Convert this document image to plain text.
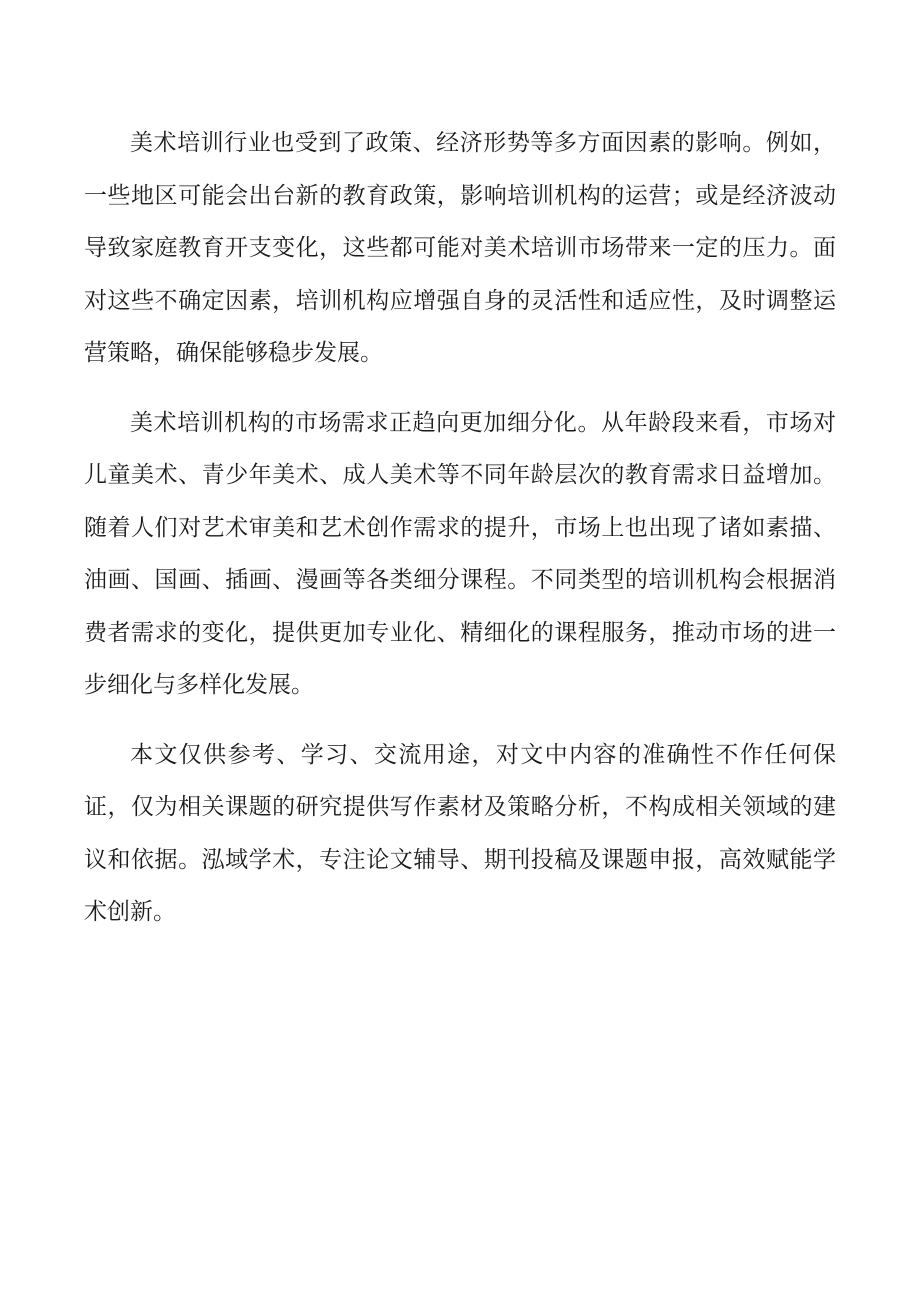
美术培训行业也受到了政策、经济形势等多方面因素的影响。例如，一些地区可能会出台新的教育政策，影响培训机构的运营；或是经济波动导致家庭教育开支变化，这些都可能对美术培训市场带来一定的压力。面对这些不确定因素，培训机构应增强自身的灵活性和适应性，及时调整运营策略，确保能够稳步发展。

美术培训机构的市场需求正趋向更加细分化。从年龄段来看，市场对儿童美术、青少年美术、成人美术等不同年龄层次的教育需求日益增加。随着人们对艺术审美和艺术创作需求的提升，市场上也出现了诸如素描、油画、国画、插画、漫画等各类细分课程。不同类型的培训机构会根据消费者需求的变化，提供更加专业化、精细化的课程服务，推动市场的进一步细化与多样化发展。

本文仅供参考、学习、交流用途，对文中内容的准确性不作任何保证，仅为相关课题的研究提供写作素材及策略分析，不构成相关领域的建议和依据。泓域学术，专注论文辅导、期刊投稿及课题申报，高效赋能学术创新。
